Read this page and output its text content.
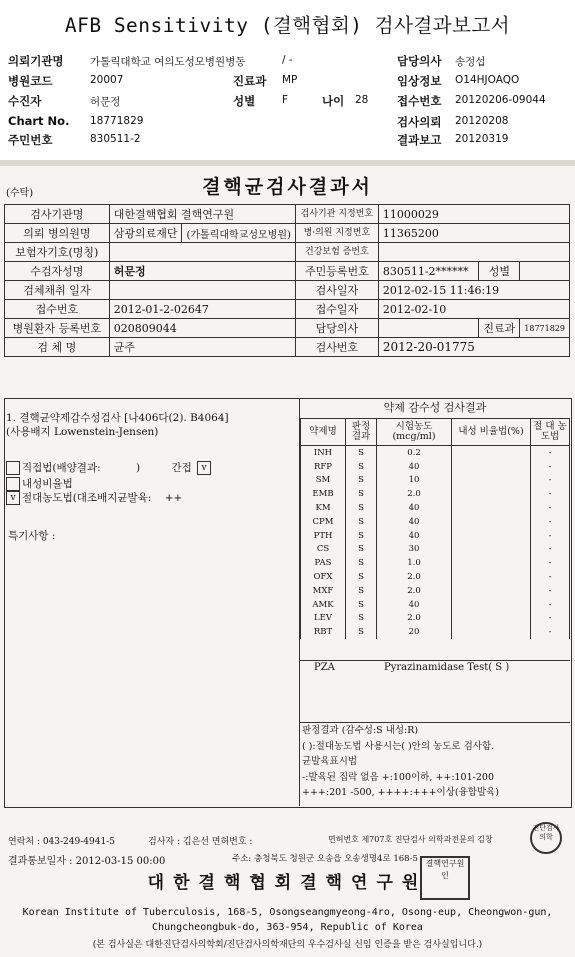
AFB Sensitivity (결핵협회) 검사결과보고서
의뢰기관명	가톨릭대학교 여의도성모병원병동	/ -	담당의사 송정섭
병원코드	20007	진료과 MP	임상정보 O14HJOAQO
수진자	허문정	성별	F	나이 28 접수번호 20120206-09044
Chart No. 18771829	검사의뢰 20120208
주민번호	830511-2	결과보고 20120319
(수탁)	결핵균검사결과서
검사기관명	대한결핵협회 결핵연구원		검사기관 지정번호	11000029		
의뢰 병의원명	삼광의료재단	(가톨릭대학교성모병원)	병·의원 지정번호	11365200		
보험자기호(명칭)			건강보험 증번호			
수검자성명	허문정		주민등록번호	830511-2******	성별	
검체채취 일자			검사일자	2012-02-15 11:46:19		
접수번호	2012-01-2-02647		접수일자	2012-02-10		
병원환자 등록번호	020809044		담당의사		진료과	18771829
검 체 명	균주		검사번호	2012-20-01775		
1. 결핵균약제감수성검사 [나406다(2). B4064]
(사용배지 Lowenstein-Jensen)
직접법(배양결과:	)	간접 v
내성비율법
v 절대농도법(대조배지균발육: ++
특기사항 :
약제 감수성 검사결과
약제명	판정 결과	시험농도 (mcg/ml)	내성 비율법(%)	절 대 농도법
INH	S	0.2		-
RFP	S	40		-
SM	S	10		-
EMB	S	2.0		-
KM	S	40		-
CPM	S	40		-
PTH	S	40		-
CS	S	30		-
PAS	S	1.0		-
OFX	S	2.0		-
MXF	S	2.0		-
AMK	S	40		-
LEV	S	2.0		-
RBT	S	20		-
PZA	Pyrazinamidase Test( S )
판정결과 (감수성:S 내성:R)
( ):절대농도법 사용시는( )안의 농도로 검사함.
균발육표시법
-:발육된 집락 없음 +:100이하, ++:101-200
+++:201 -500, ++++:+++이상(융합발육)
연락처 : 043-249-4941-5	검사자 : 김은선 면허번호 :	면허번호 제707호 진단검사 의학과전문의 김창
진단검사 의학
결과통보일자 : 2012-03-15 00:00	주소: 충청북도 청원군 오송읍 오송생명4로 168-5
대한결핵협회결핵연구원
결핵연구원인
Korean Institute of Tuberculosis, 168-5, Osongseangmyeong-4ro, Osong-eup, Cheongwon-gun,
Chungcheongbuk-do, 363-954, Republic of Korea
(본 검사실은 대한진단검사의학회/진단검사의학재단의 우수검사실 신임 인증을 받은 검사실입니다.)
